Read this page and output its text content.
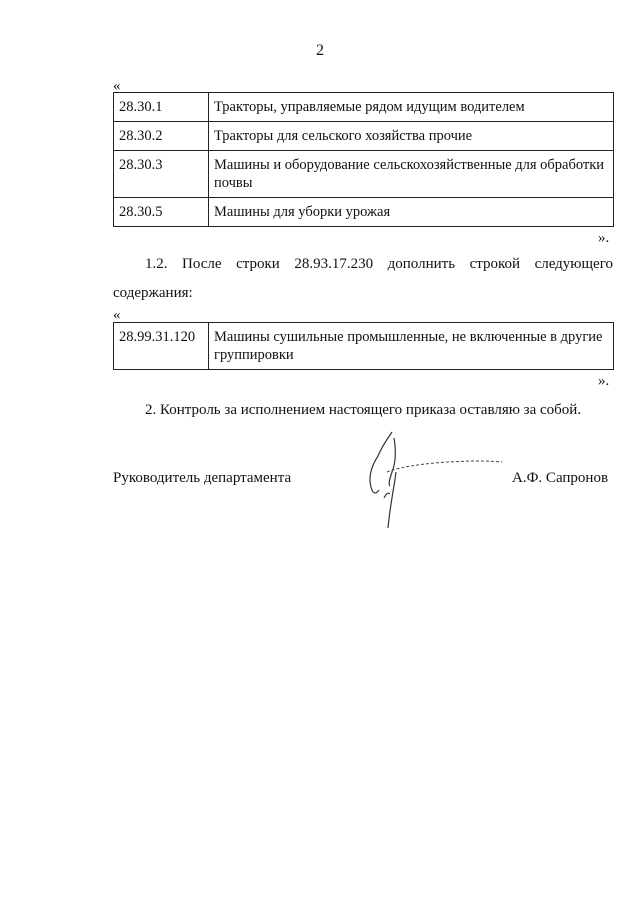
2
«
28.30.1	Тракторы, управляемые рядом идущим водителем
28.30.2	Тракторы для сельского хозяйства прочие
28.30.3	Машины и оборудование сельскохозяйственные для обработки почвы
28.30.5	Машины для уборки урожая
».
1.2. После строки 28.93.17.230 дополнить строкой следующего
содержания:
«
28.99.31.120	Машины сушильные промышленные, не включенные в другие группировки
».
2. Контроль за исполнением настоящего приказа оставляю за собой.
Руководитель департамента	А.Ф. Сапронов
